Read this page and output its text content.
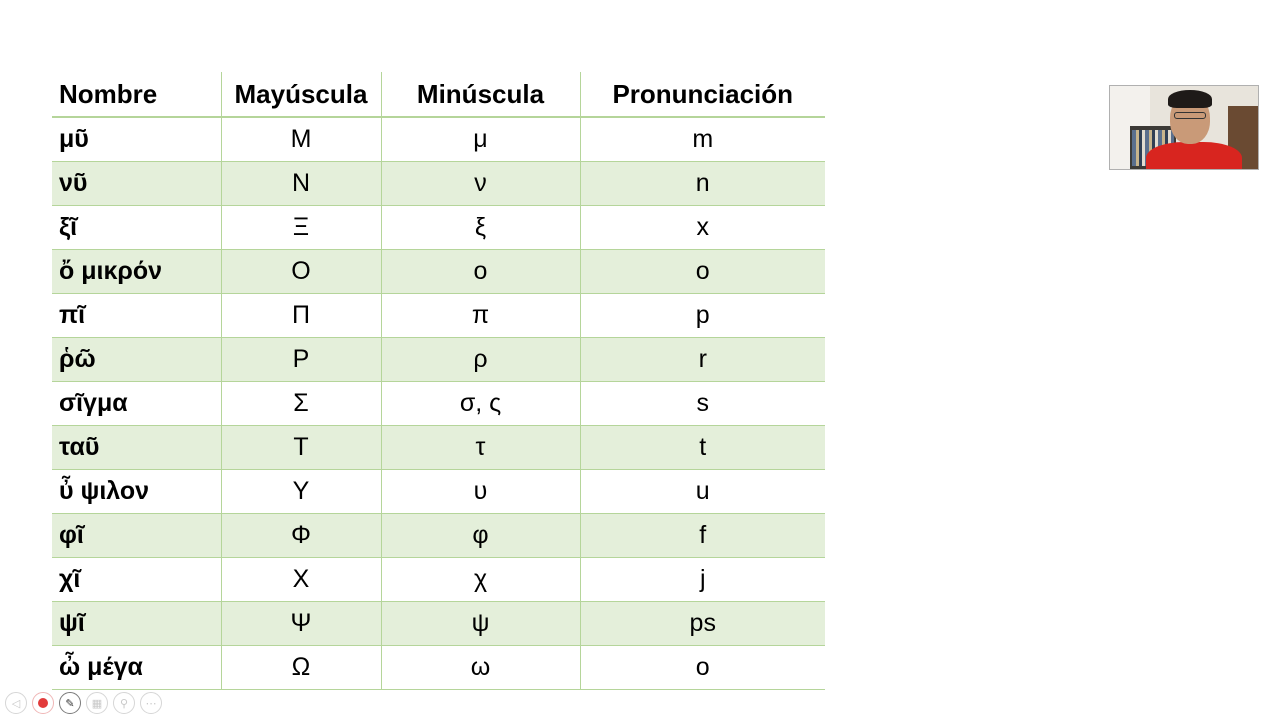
Nombre	Mayúscula	Minúscula	Pronunciación
μῦ	Μ	μ	m
νῦ	Ν	ν	n
ξῖ	Ξ	ξ	x
ὄ μικρόν	Ο	ο	o
πῖ	Π	π	p
ῥῶ	Ρ	ρ	r
σῖγμα	Σ	σ, ς	s
ταῦ	Τ	τ	t
ὖ ψιλον	Υ	υ	u
φῖ	Φ	φ	f
χῖ	Χ	χ	j
ψῖ	Ψ	ψ	ps
ὦ μέγα	Ω	ω	o
◁	✎	▦	⚲	⋯
